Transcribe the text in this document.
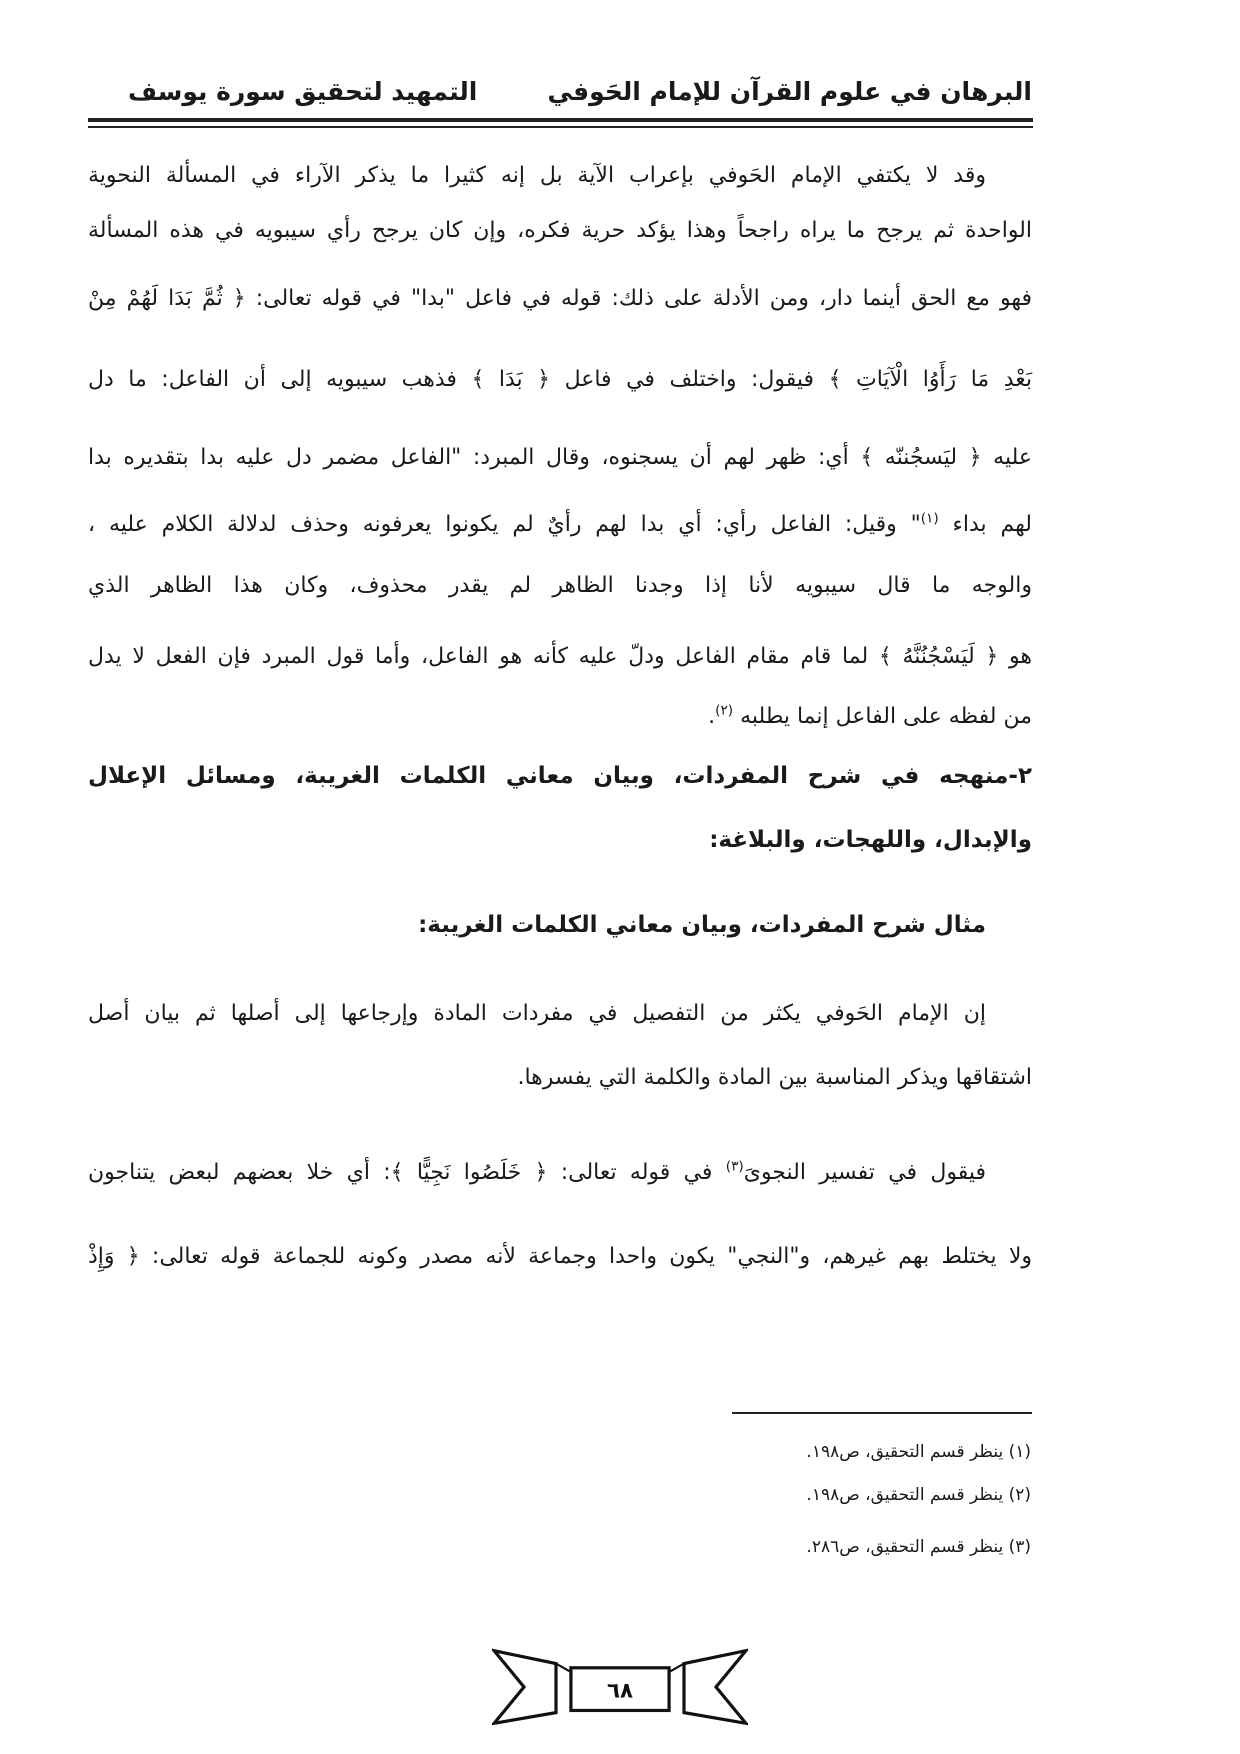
البرهان في علوم القرآن للإمام الحَوفي
التمهيد لتحقيق سورة يوسف
وقد لا يكتفي الإمام الحَوفي بإعراب الآية بل إنه كثيرا ما يذكر الآراء في المسألة النحوية
الواحدة ثم يرجح ما يراه راجحاً وهذا يؤكد حرية فكره، وإن كان يرجح رأي سيبويه في هذه المسألة
فهو مع الحق أينما دار، ومن الأدلة على ذلك: قوله في فاعل "بدا" في قوله تعالى: ﴿ ثُمَّ بَدَا لَهُمْ مِنْ
بَعْدِ مَا رَأَوُا الْآيَاتِ ﴾ فيقول: واختلف في فاعل ﴿ بَدَا ﴾ فذهب سيبويه إلى أن الفاعل: ما دل
عليه ﴿ ليَسجُننّه ﴾ أي: ظهر لهم أن يسجنوه، وقال المبرد: "الفاعل مضمر دل عليه بدا بتقديره بدا
لهم بداء $^{(١)}$" وقيل: الفاعل رأي: أي بدا لهم رأيٌ لم يكونوا يعرفونه وحذف لدلالة الكلام عليه ،
والوجه ما قال سيبويه لأنا إذا وجدنا الظاهر لم يقدر محذوف، وكان هذا الظاهر الذي
هو ﴿ لَيَسْجُنُنَّهُ ﴾ لما قام مقام الفاعل ودلّ عليه كأنه هو الفاعل، وأما قول المبرد فإن الفعل لا يدل
من لفظه على الفاعل إنما يطلبه $^{(٢)}$.
٢-منهجه في شرح المفردات، وبيان معاني الكلمات الغريبة، ومسائل الإعلال
والإبدال، واللهجات، والبلاغة:
مثال شرح المفردات، وبيان معاني الكلمات الغريبة:
إن الإمام الحَوفي يكثر من التفصيل في مفردات المادة وإرجاعها إلى أصلها ثم بيان أصل
اشتقاقها ويذكر المناسبة بين المادة والكلمة التي يفسرها.
فيقول في تفسير النجوىَ$^{(٣)}$ في قوله تعالى: ﴿ خَلَصُوا نَجِيًّا ﴾: أي خلا بعضهم لبعض يتناجون
ولا يختلط بهم غيرهم، و"النجي" يكون واحدا وجماعة لأنه مصدر وكونه للجماعة قوله تعالى: ﴿ وَإِذْ
(١) ينظر قسم التحقيق، ص١٩٨.
(٢) ينظر قسم التحقيق، ص١٩٨.
(٣) ينظر قسم التحقيق، ص٢٨٦.
٦٨
